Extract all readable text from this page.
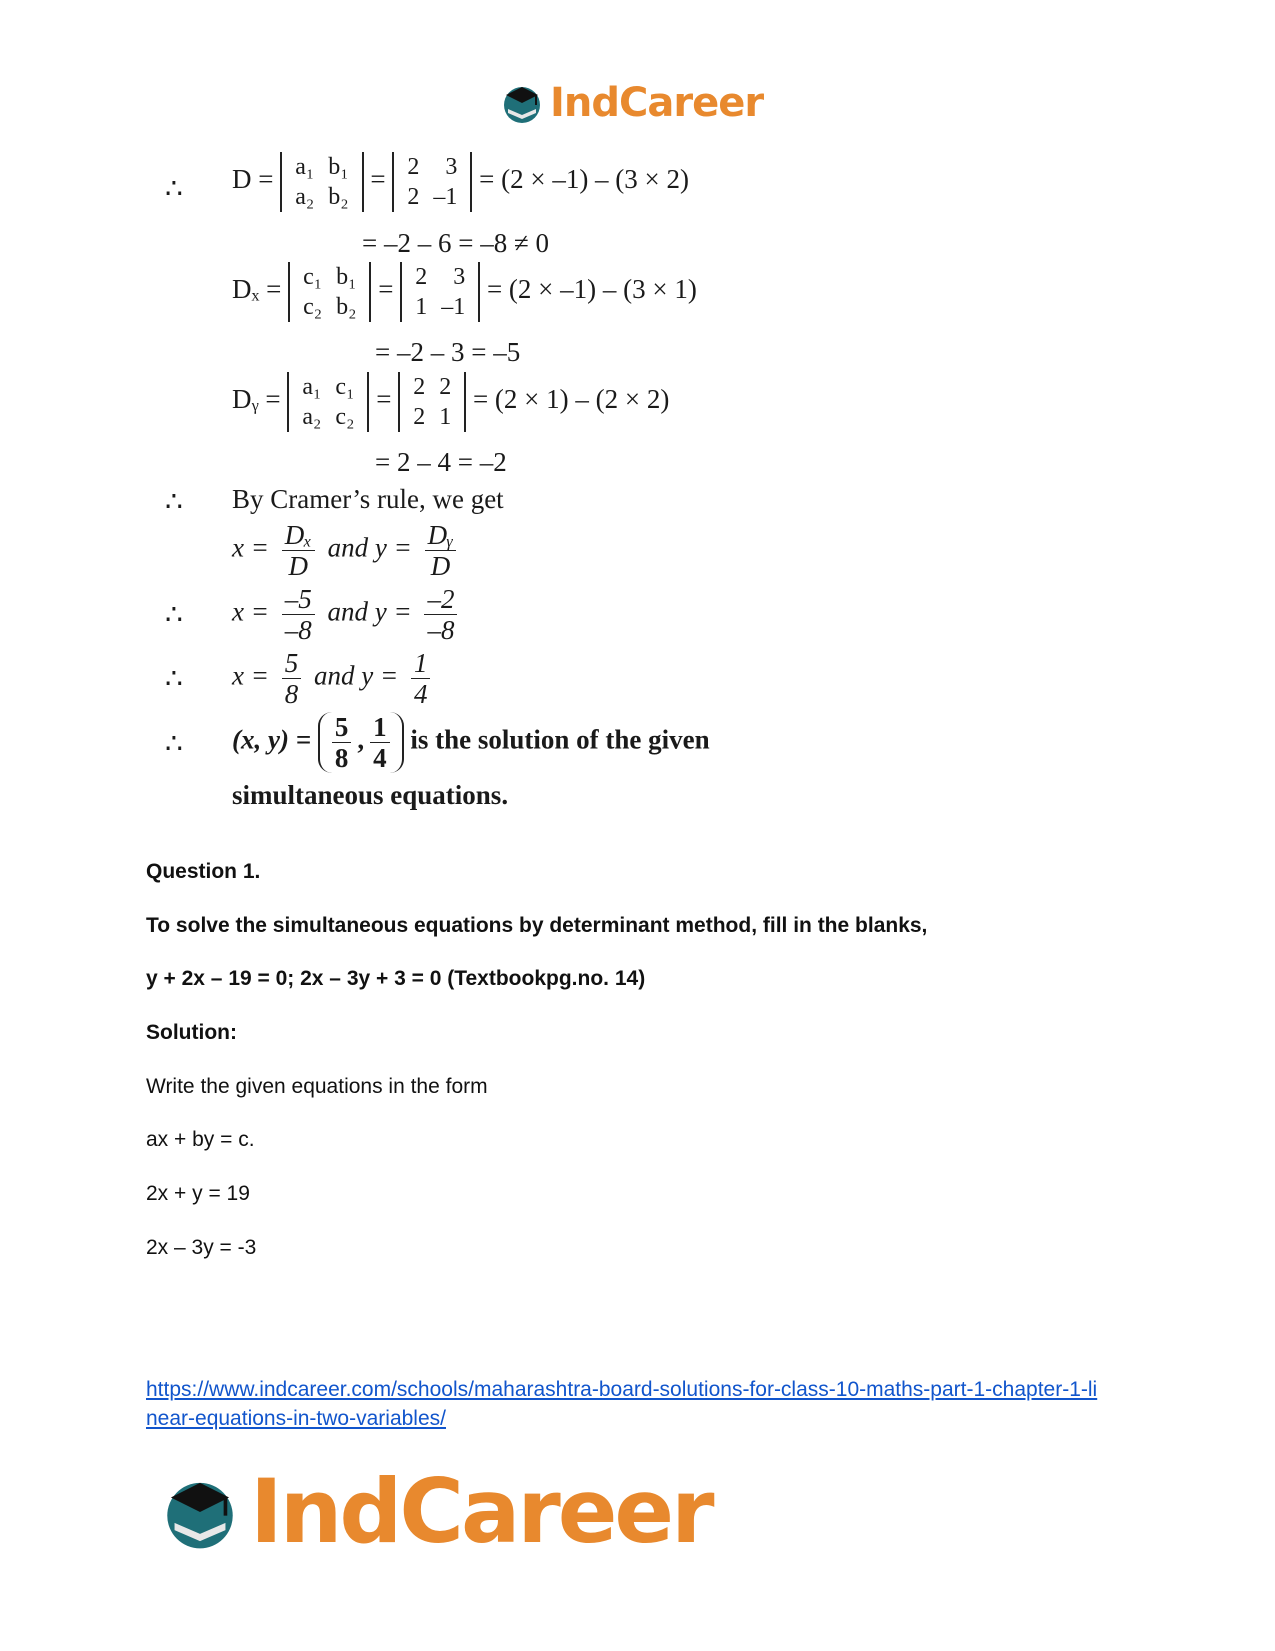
IndCareer
∴ D = a₁	b₁
a₂	b₂
= 2	3
2	–1
= (2 × –1) – (3 × 2)
= –2 – 6 = –8 ≠ 0
Dₓ = c₁	b₁
c₂	b₂
= 2	3
1	–1
= (2 × –1) – (3 × 1)
= –2 – 3 = –5
Dᵧ = a₁	c₁
a₂	c₂
= 2	2
2	1
= (2 × 1) – (2 × 2)
= 2 – 4 = –2
∴ By Cramer’s rule, we get
$x = \frac{\text{Dₓ}}{D}$ and $y = \frac{\text{Dᵧ}}{D}$
∴ $x = \frac{-5}{-8}$ and $y = \frac{-2}{-8}$
∴ $x = \frac{5}{8}$ and $y = \frac{1}{4}$
∴ (x, $y) = \frac{5}{8}$ , $\frac{1}{4}$ is the solution of the given
simultaneous equations.
Question 1.
To solve the simultaneous equations by determinant method, fill in the blanks,
y + 2x – 19 = 0; 2x – 3y + 3 = 0 (Textbookpg.no. 14)
Solution:
Write the given equations in the form
ax + by = c.
2x + y = 19
2x – 3y = -3
https://www.indcareer.com/schools/maharashtra-board-solutions-for-class-10-maths-part-1-chapter-1-linear-equations-in-two-variables/
IndCareer
